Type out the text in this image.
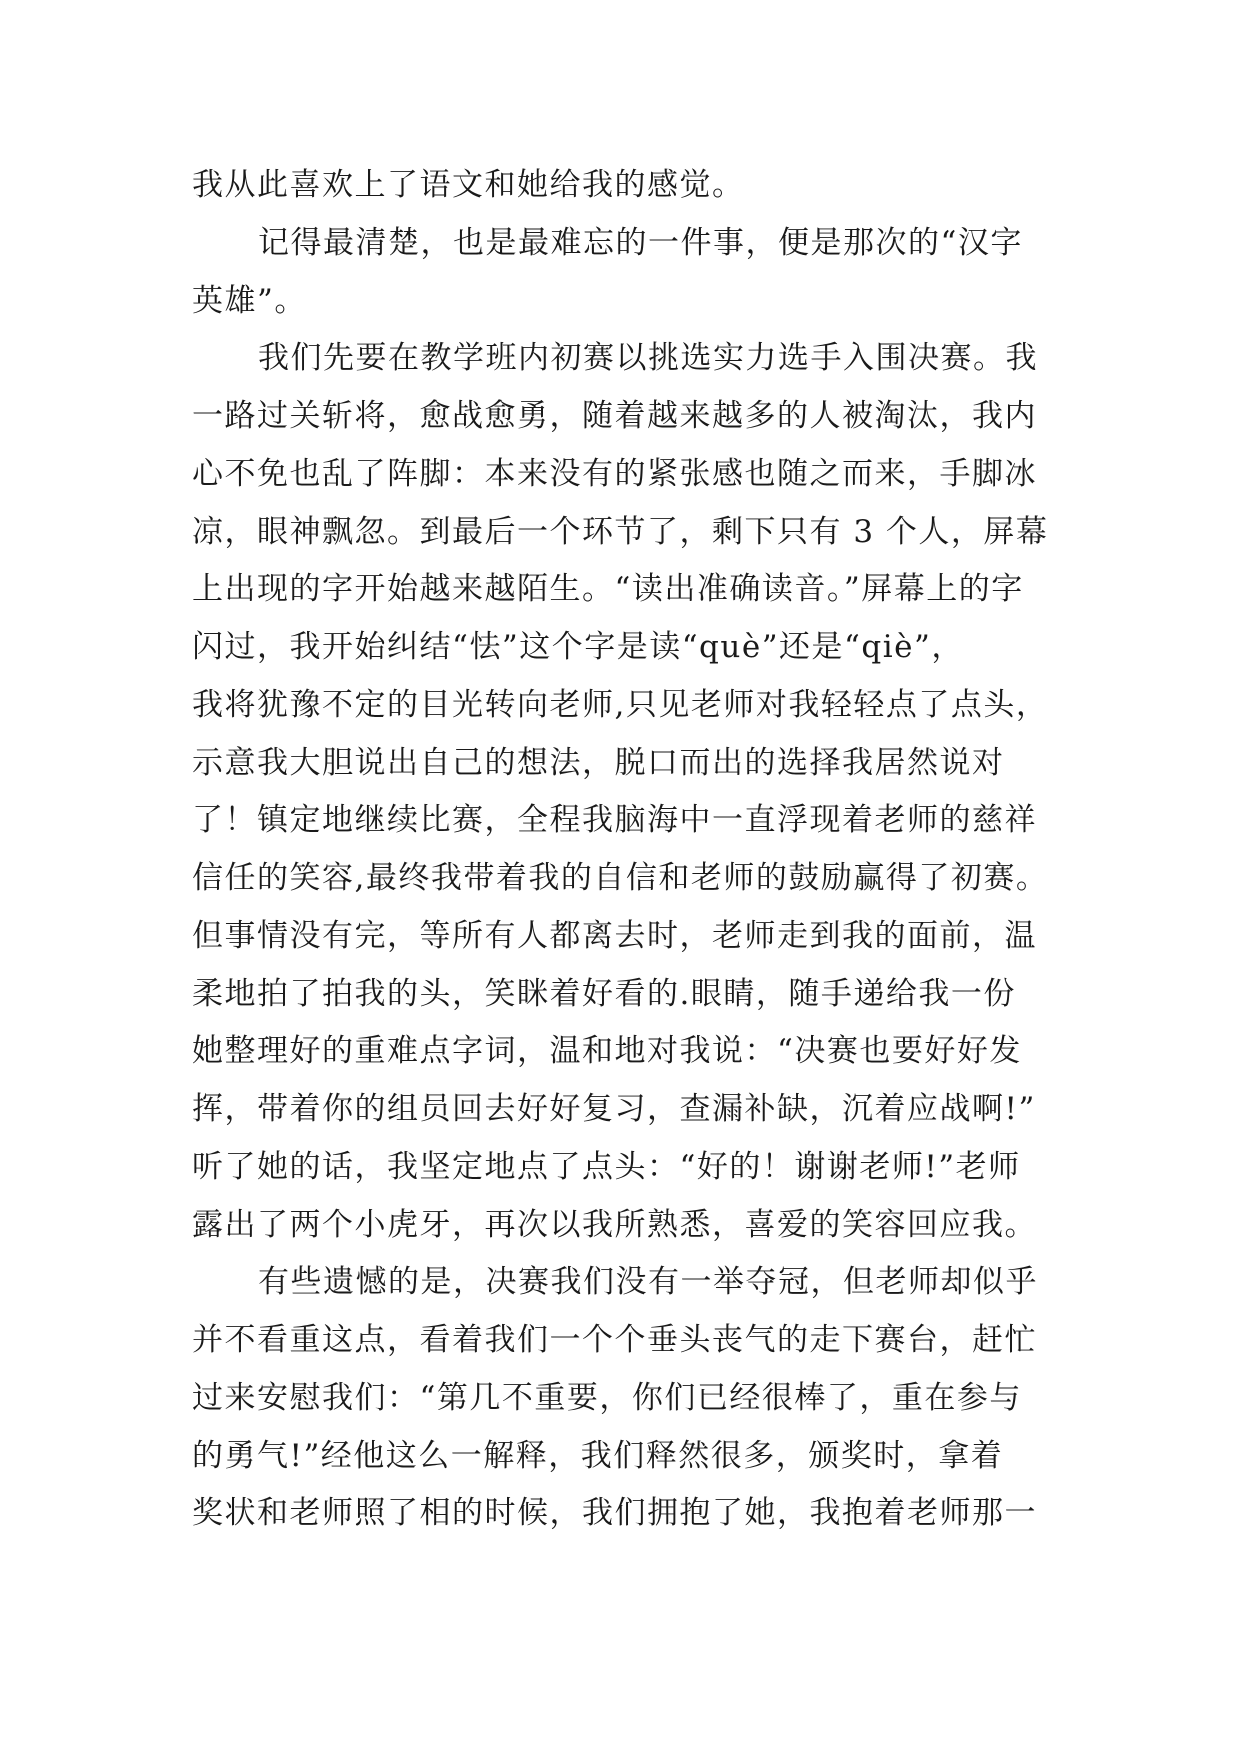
我从此喜欢上了语文和她给我的感觉。
记得最清楚，也是最难忘的一件事，便是那次的“汉字
英雄”。
我们先要在教学班内初赛以挑选实力选手入围决赛。我
一路过关斩将，愈战愈勇，随着越来越多的人被淘汰，我内
心不免也乱了阵脚：本来没有的紧张感也随之而来，手脚冰
凉，眼神飘忽。到最后一个环节了，剩下只有 3 个人，屏幕
上出现的字开始越来越陌生。“读出准确读音。”屏幕上的字
闪过，我开始纠结“怯”这个字是读“què”还是“qiè”，
我将犹豫不定的目光转向老师,只见老师对我轻轻点了点头，
示意我大胆说出自己的想法，脱口而出的选择我居然说对
了！镇定地继续比赛，全程我脑海中一直浮现着老师的慈祥
信任的笑容,最终我带着我的自信和老师的鼓励赢得了初赛。
但事情没有完，等所有人都离去时，老师走到我的面前，温
柔地拍了拍我的头，笑眯着好看的.眼睛，随手递给我一份
她整理好的重难点字词，温和地对我说：“决赛也要好好发
挥，带着你的组员回去好好复习，查漏补缺，沉着应战啊!”
听了她的话，我坚定地点了点头：“好的！谢谢老师!”老师
露出了两个小虎牙，再次以我所熟悉，喜爱的笑容回应我。
有些遗憾的是，决赛我们没有一举夺冠，但老师却似乎
并不看重这点，看着我们一个个垂头丧气的走下赛台，赶忙
过来安慰我们：“第几不重要，你们已经很棒了，重在参与
的勇气!”经他这么一解释，我们释然很多，颁奖时，拿着
奖状和老师照了相的时候，我们拥抱了她，我抱着老师那一
